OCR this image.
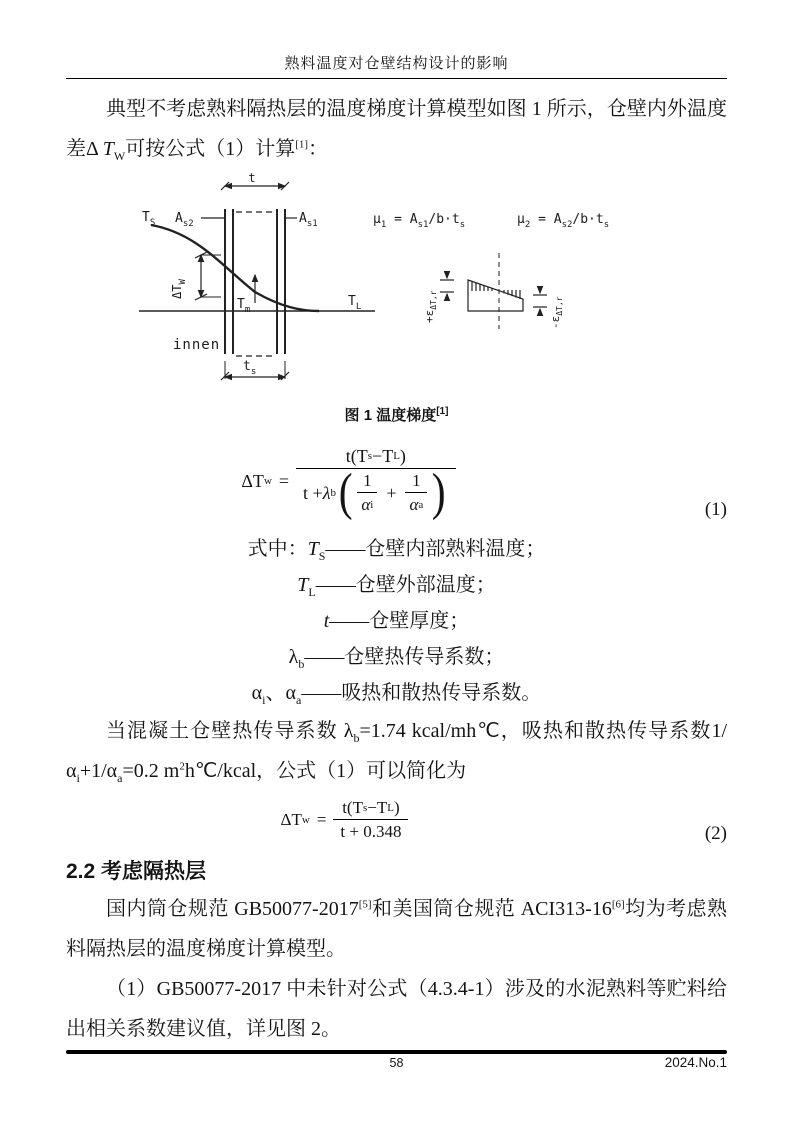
熟料温度对仓壁结构设计的影响

典型不考虑熟料隔热层的温度梯度计算模型如图 1 所示，仓壁内外温度差Δ $T_W$可按公式（1）计算[1]：

$T_S$ $A_{s2}$	$A_{s1}$
t
$\Delta T_W$
$T_m$
$T_L$
innen
$t_s$
$\mu_1 = A_{s1}/b\cdot t_s$	$\mu_2 = A_{s2}/b\cdot t_s$
$+\varepsilon_{\Delta T,r}$
$-\varepsilon_{\Delta T,r}$
图 1 温度梯度[1]
ΔT $w = \frac{\text{t( T s − T L )}}{t + \lambda b ( \frac{1}{\text{α i}} + \frac{1}{\text{α a}} )}$	(1)
式中：$T_S——$仓壁内部熟料温度；
$T_L——$仓壁外部温度；
t——仓壁厚度；
$\lambda_b——$仓壁热传导系数；
$\alpha_i$、$\alpha_a——$吸热和散热传导系数。

当混凝土仓壁热传导系数 $\lambda_b=1.74$ kcal/mh℃，吸热和散热传导系数$1/\alpha_i+1/\alpha_a=0.2$ m$^2$h℃/kcal，公式（1）可以简化为

ΔT $w = \frac{\text{t( T s − T L )}}{t + 0.348}$	(2)
2.2 考虑隔热层

国内筒仓规范 GB50077-2017[5]和美国筒仓规范 ACI313-16[6]均为考虑熟料隔热层的温度梯度计算模型。

（1）GB50077-2017 中未针对公式（4.3.4-1）涉及的水泥熟料等贮料给出相关系数建议值，详见图 2。

58	2024.No.1
